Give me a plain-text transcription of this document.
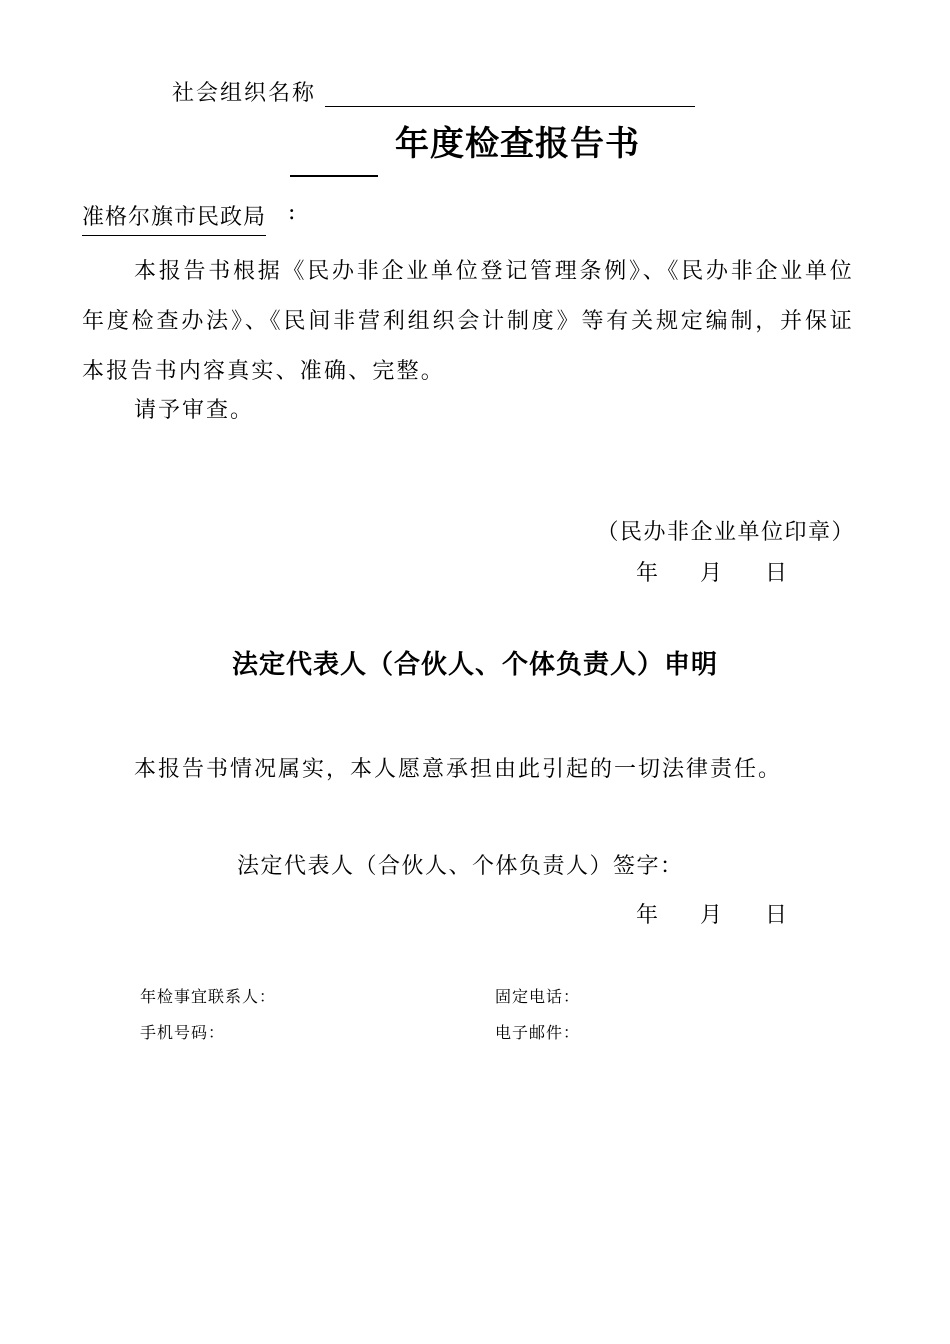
社会组织名称
年度检查报告书
准格尔旗市民政局 :
本报告书根据《民办非企业单位登记管理条例》、《民办非企业单位年度检查办法》、《民间非营利组织会计制度》等有关规定编制，并保证本报告书内容真实、准确、完整。
请予审查。
（民办非企业单位印章）
年 月 日
法定代表人（合伙人、个体负责人）申明
本报告书情况属实，本人愿意承担由此引起的一切法律责任。
法定代表人（合伙人、个体负责人）签字：
年 月 日
年检事宜联系人：	固定电话：
手机号码：	电子邮件：
